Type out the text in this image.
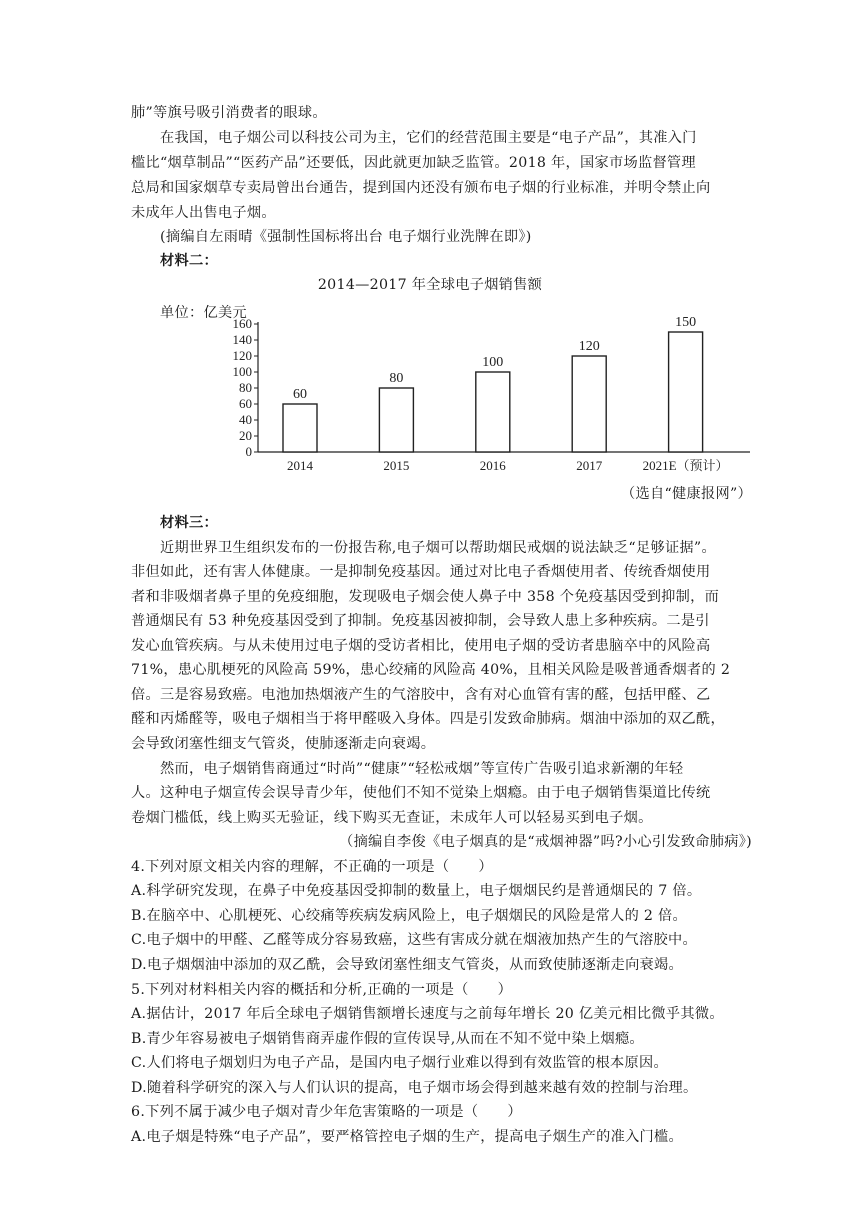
肺”等旗号吸引消费者的眼球。
在我国，电子烟公司以科技公司为主，它们的经营范围主要是“电子产品”，其准入门
槛比“烟草制品”“医药产品”还要低，因此就更加缺乏监管。2018 年，国家市场监督管理
总局和国家烟草专卖局曾出台通告，提到国内还没有颁布电子烟的行业标准，并明令禁止向
未成年人出售电子烟。
(摘编自左雨晴《强制性国标将出台 电子烟行业洗牌在即》)
材料二：
2014—2017 年全球电子烟销售额
单位：亿美元
0
20
40
60
80
100
120
140
160
60
2014
80
2015
100
2016
120
2017
150
2021E（预计）
（选自“健康报网”）
材料三：
近期世界卫生组织发布的一份报告称,电子烟可以帮助烟民戒烟的说法缺乏“足够证据”。
非但如此，还有害人体健康。一是抑制免疫基因。通过对比电子香烟使用者、传统香烟使用
者和非吸烟者鼻子里的免疫细胞，发现吸电子烟会使人鼻子中 358 个免疫基因受到抑制，而
普通烟民有 53 种免疫基因受到了抑制。免疫基因被抑制，会导致人患上多种疾病。二是引
发心血管疾病。与从未使用过电子烟的受访者相比，使用电子烟的受访者患脑卒中的风险高
71%，患心肌梗死的风险高 59%，患心绞痛的风险高 40%，且相关风险是吸普通香烟者的 2
倍。三是容易致癌。电池加热烟液产生的气溶胶中，含有对心血管有害的醛，包括甲醛、乙
醛和丙烯醛等，吸电子烟相当于将甲醛吸入身体。四是引发致命肺病。烟油中添加的双乙酰，
会导致闭塞性细支气管炎，使肺逐渐走向衰竭。
然而，电子烟销售商通过“时尚”“健康”“轻松戒烟”等宣传广告吸引追求新潮的年轻
人。这种电子烟宣传会误导青少年，使他们不知不觉染上烟瘾。由于电子烟销售渠道比传统
卷烟门槛低，线上购买无验证，线下购买无查证，未成年人可以轻易买到电子烟。
（摘编自李俊《电子烟真的是“戒烟神器”吗?小心引发致命肺病》)
4.下列对原文相关内容的理解，不正确的一项是（　　）
A.科学研究发现，在鼻子中免疫基因受抑制的数量上，电子烟烟民约是普通烟民的 7 倍。
B.在脑卒中、心肌梗死、心绞痛等疾病发病风险上，电子烟烟民的风险是常人的 2 倍。
C.电子烟中的甲醛、乙醛等成分容易致癌，这些有害成分就在烟液加热产生的气溶胶中。
D.电子烟烟油中添加的双乙酰，会导致闭塞性细支气管炎，从而致使肺逐渐走向衰竭。
5.下列对材料相关内容的概括和分析,正确的一项是（　　）
A.据估计，2017 年后全球电子烟销售额增长速度与之前每年增长 20 亿美元相比微乎其微。
B.青少年容易被电子烟销售商弄虚作假的宣传误导,从而在不知不觉中染上烟瘾。
C.人们将电子烟划归为电子产品，是国内电子烟行业难以得到有效监管的根本原因。
D.随着科学研究的深入与人们认识的提高，电子烟市场会得到越来越有效的控制与治理。
6.下列不属于减少电子烟对青少年危害策略的一项是（　　）
A.电子烟是特殊“电子产品”，要严格管控电子烟的生产，提高电子烟生产的准入门槛。
